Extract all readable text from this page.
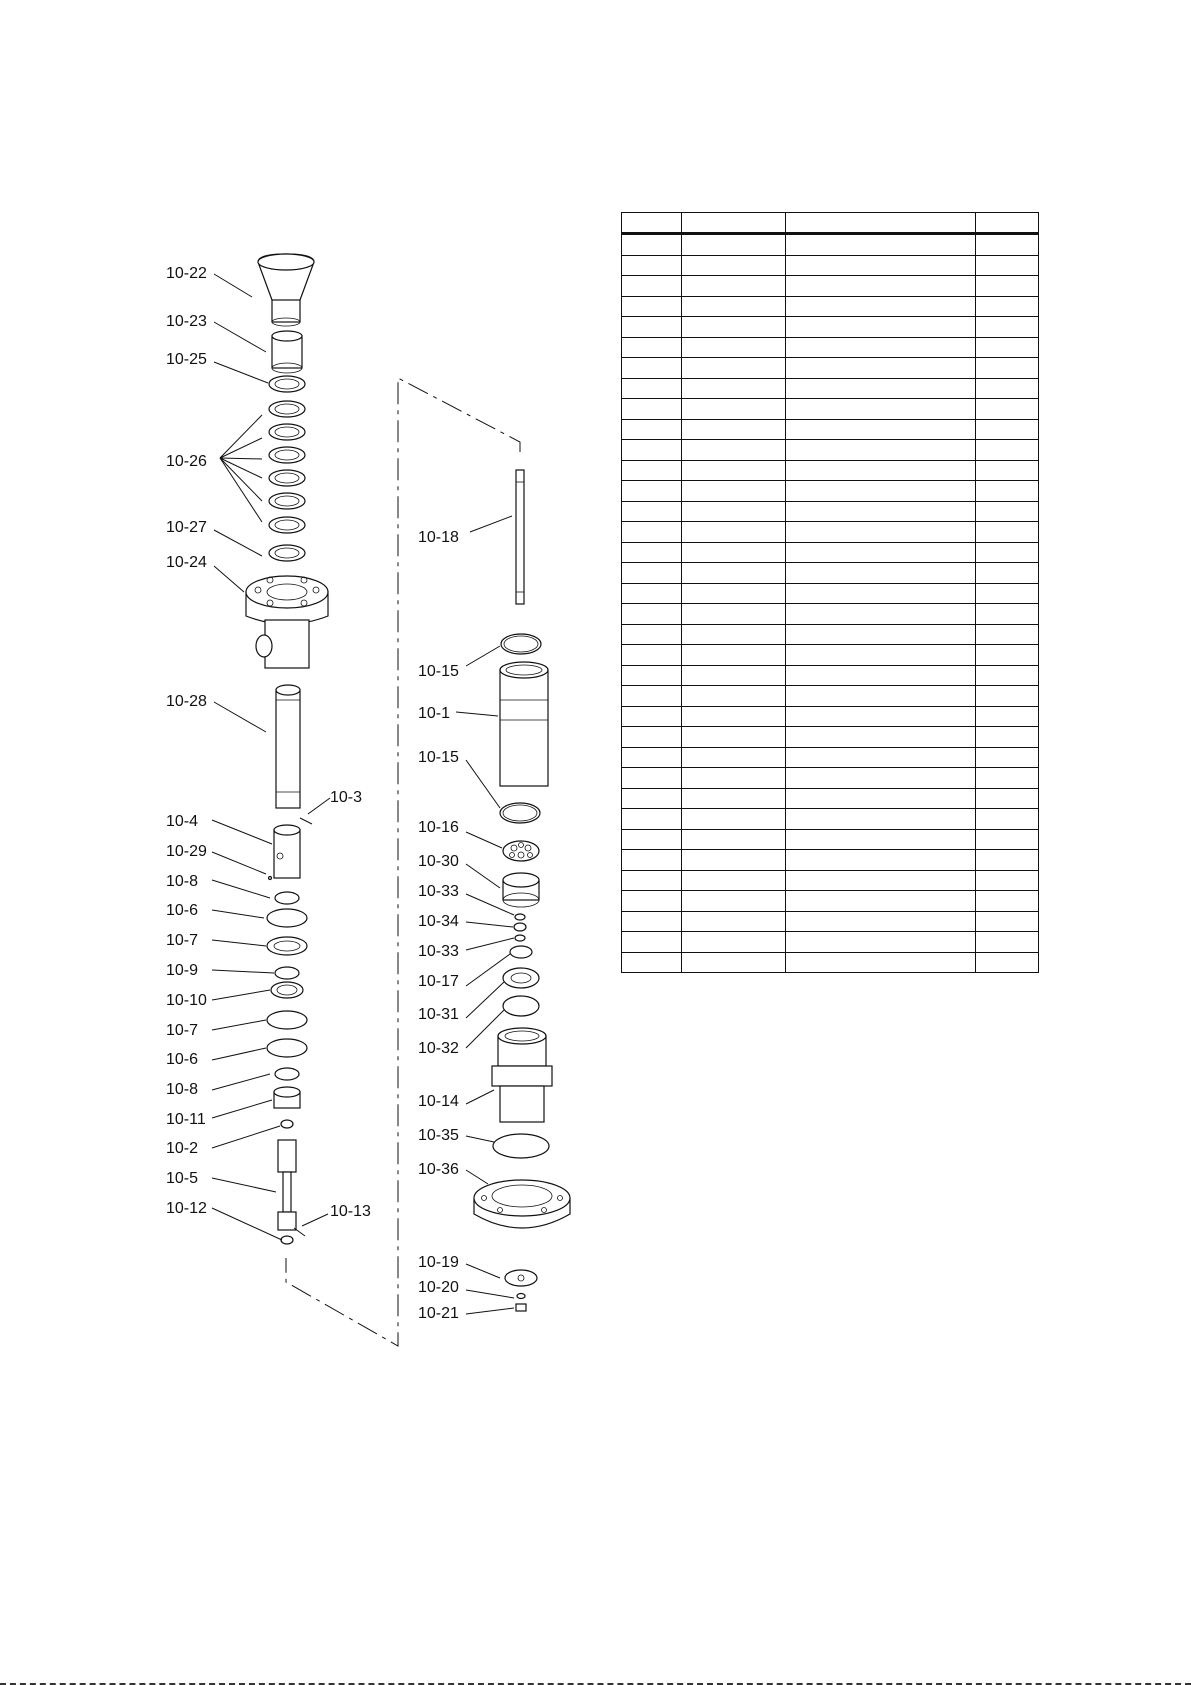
10-22
10-23
10-25
10-26
10-27
10-24
10-28
10-3
10-4
10-29
10-8
10-6
10-7
10-9
10-10
10-7
10-6
10-8
10-11
10-2
10-5
10-12	10-13
10-18
10-15
10-1
10-15
10-16
10-30
10-33
10-34
10-33
10-17
10-31
10-32
10-14
10-35
10-36
10-19
10-20
10-21
